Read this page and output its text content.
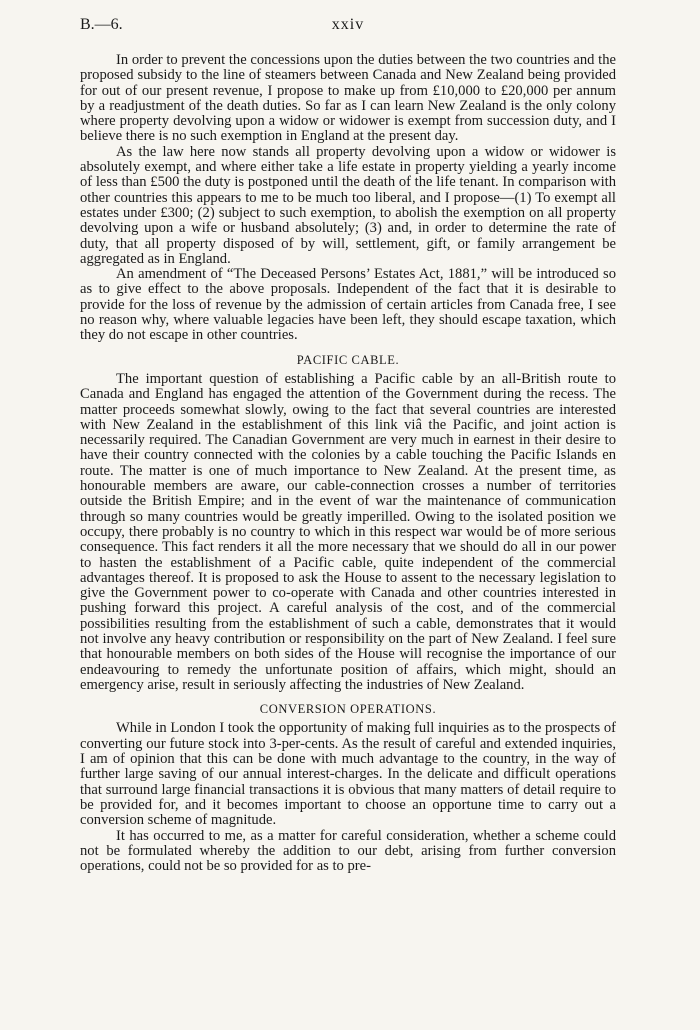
B.—6.	xxiv

In order to prevent the concessions upon the duties between the two countries and the proposed subsidy to the line of steamers between Canada and New Zealand being provided for out of our present revenue, I propose to make up from £10,000 to £20,000 per annum by a readjustment of the death duties. So far as I can learn New Zealand is the only colony where property devolving upon a widow or widower is exempt from succession duty, and I believe there is no such exemption in England at the present day.

As the law here now stands all property devolving upon a widow or widower is absolutely exempt, and where either take a life estate in property yielding a yearly income of less than £500 the duty is postponed until the death of the life tenant. In comparison with other countries this appears to me to be much too liberal, and I propose—(1) To exempt all estates under £300; (2) subject to such exemption, to abolish the exemption on all property devolving upon a wife or husband absolutely; (3) and, in order to determine the rate of duty, that all property disposed of by will, settlement, gift, or family arrangement be aggregated as in England.

An amendment of “The Deceased Persons’ Estates Act, 1881,” will be introduced so as to give effect to the above proposals. Independent of the fact that it is desirable to provide for the loss of revenue by the admission of certain articles from Canada free, I see no reason why, where valuable legacies have been left, they should escape taxation, which they do not escape in other countries.

PACIFIC CABLE.

The important question of establishing a Pacific cable by an all-British route to Canada and England has engaged the attention of the Government during the recess. The matter proceeds somewhat slowly, owing to the fact that several countries are interested with New Zealand in the establishment of this link viâ the Pacific, and joint action is necessarily required. The Canadian Government are very much in earnest in their desire to have their country connected with the colonies by a cable touching the Pacific Islands en route. The matter is one of much importance to New Zealand. At the present time, as honourable members are aware, our cable-connection crosses a number of territories outside the British Empire; and in the event of war the maintenance of communication through so many countries would be greatly imperilled. Owing to the isolated position we occupy, there probably is no country to which in this respect war would be of more serious consequence. This fact renders it all the more necessary that we should do all in our power to hasten the establishment of a Pacific cable, quite independent of the commercial advantages thereof. It is proposed to ask the House to assent to the necessary legislation to give the Government power to co-operate with Canada and other countries interested in pushing forward this project. A careful analysis of the cost, and of the commercial possibilities resulting from the establishment of such a cable, demonstrates that it would not involve any heavy contribution or responsibility on the part of New Zealand. I feel sure that honourable members on both sides of the House will recognise the importance of our endeavouring to remedy the unfortunate position of affairs, which might, should an emergency arise, result in seriously affecting the industries of New Zealand.

CONVERSION OPERATIONS.

While in London I took the opportunity of making full inquiries as to the prospects of converting our future stock into 3-per-cents. As the result of careful and extended inquiries, I am of opinion that this can be done with much advantage to the country, in the way of further large saving of our annual interest-charges. In the delicate and difficult operations that surround large financial transactions it is obvious that many matters of detail require to be provided for, and it becomes important to choose an opportune time to carry out a conversion scheme of magnitude.

It has occurred to me, as a matter for careful consideration, whether a scheme could not be formulated whereby the addition to our debt, arising from further conversion operations, could not be so provided for as to pre-
